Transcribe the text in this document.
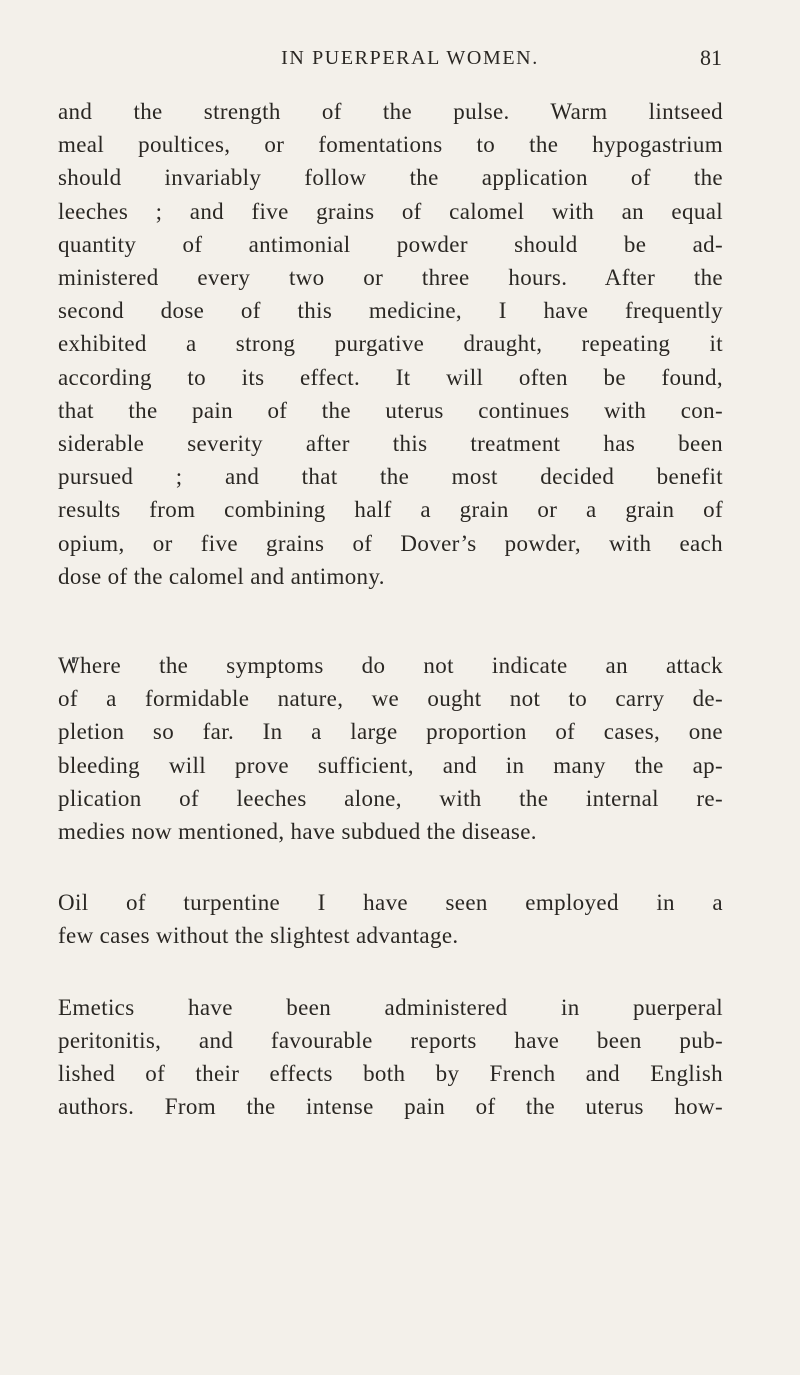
IN PUERPERAL WOMEN.	81

and the strength of the pulse. Warm lintseed
meal poultices, or fomentations to the hypogastrium
should invariably follow the application of the
leeches ; and five grains of calomel with an equal
quantity of antimonial powder should be ad-
ministered every two or three hours. After the
second dose of this medicine, I have frequently
exhibited a strong purgative draught, repeating it
according to its effect. It will often be found,
that the pain of the uterus continues with con-
siderable severity after this treatment has been
pursued ; and that the most decided benefit
results from combining half a grain or a grain of
opium, or five grains of Dover’s powder, with each
dose of the calomel and antimony.

Where the symptoms do not indicate an attack
of a formidable nature, we ought not to carry de-
pletion so far. In a large proportion of cases, one
bleeding will prove sufficient, and in many the ap-
plication of leeches alone, with the internal re-
medies now mentioned, have subdued the disease.

Oil of turpentine I have seen employed in a
few cases without the slightest advantage.

Emetics have been administered in puerperal
peritonitis, and favourable reports have been pub-
lished of their effects both by French and English
authors. From the intense pain of the uterus how-
